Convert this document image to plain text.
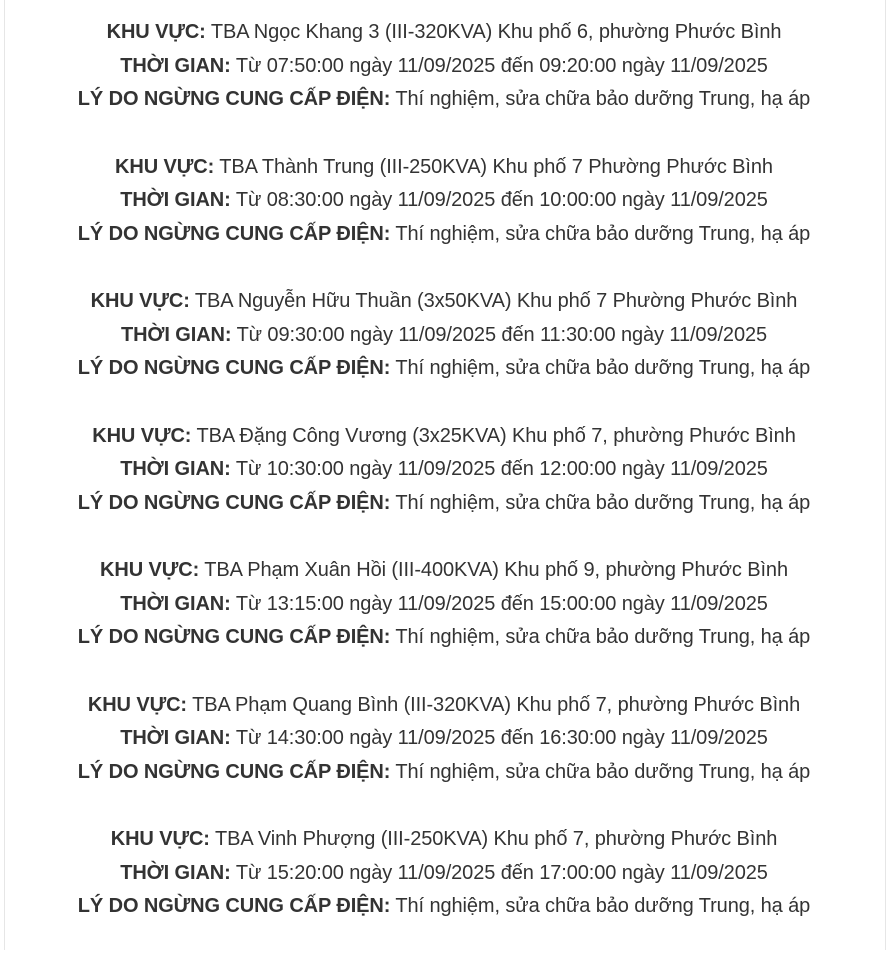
KHU VỰC: TBA Ngọc Khang 3 (III-320KVA) Khu phố 6, phường Phước Bình
THỜI GIAN: Từ 07:50:00 ngày 11/09/2025 đến 09:20:00 ngày 11/09/2025
LÝ DO NGỪNG CUNG CẤP ĐIỆN: Thí nghiệm, sửa chữa bảo dưỡng Trung, hạ áp
KHU VỰC: TBA Thành Trung (III-250KVA) Khu phố 7 Phường Phước Bình
THỜI GIAN: Từ 08:30:00 ngày 11/09/2025 đến 10:00:00 ngày 11/09/2025
LÝ DO NGỪNG CUNG CẤP ĐIỆN: Thí nghiệm, sửa chữa bảo dưỡng Trung, hạ áp
KHU VỰC: TBA Nguyễn Hữu Thuần (3x50KVA) Khu phố 7 Phường Phước Bình
THỜI GIAN: Từ 09:30:00 ngày 11/09/2025 đến 11:30:00 ngày 11/09/2025
LÝ DO NGỪNG CUNG CẤP ĐIỆN: Thí nghiệm, sửa chữa bảo dưỡng Trung, hạ áp
KHU VỰC: TBA Đặng Công Vương (3x25KVA) Khu phố 7, phường Phước Bình
THỜI GIAN: Từ 10:30:00 ngày 11/09/2025 đến 12:00:00 ngày 11/09/2025
LÝ DO NGỪNG CUNG CẤP ĐIỆN: Thí nghiệm, sửa chữa bảo dưỡng Trung, hạ áp
KHU VỰC: TBA Phạm Xuân Hồi (III-400KVA) Khu phố 9, phường Phước Bình
THỜI GIAN: Từ 13:15:00 ngày 11/09/2025 đến 15:00:00 ngày 11/09/2025
LÝ DO NGỪNG CUNG CẤP ĐIỆN: Thí nghiệm, sửa chữa bảo dưỡng Trung, hạ áp
KHU VỰC: TBA Phạm Quang Bình (III-320KVA) Khu phố 7, phường Phước Bình
THỜI GIAN: Từ 14:30:00 ngày 11/09/2025 đến 16:30:00 ngày 11/09/2025
LÝ DO NGỪNG CUNG CẤP ĐIỆN: Thí nghiệm, sửa chữa bảo dưỡng Trung, hạ áp
KHU VỰC: TBA Vinh Phượng (III-250KVA) Khu phố 7, phường Phước Bình
THỜI GIAN: Từ 15:20:00 ngày 11/09/2025 đến 17:00:00 ngày 11/09/2025
LÝ DO NGỪNG CUNG CẤP ĐIỆN: Thí nghiệm, sửa chữa bảo dưỡng Trung, hạ áp
